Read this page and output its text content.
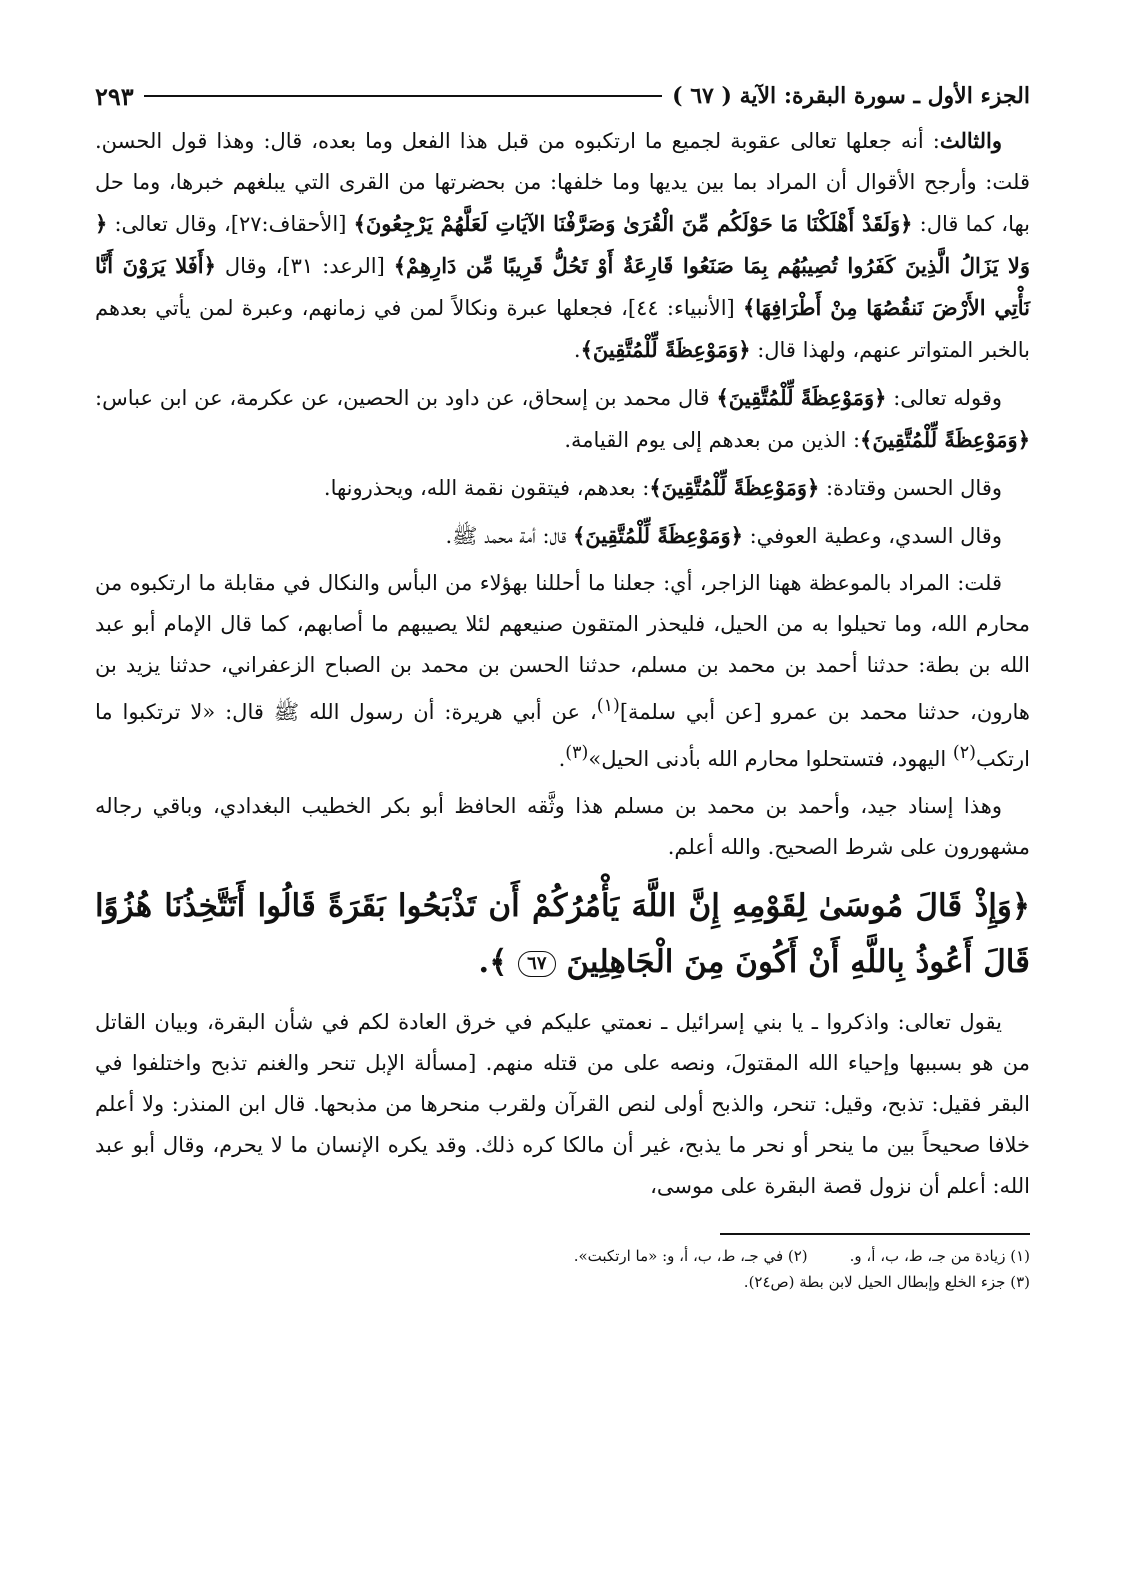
الجزء الأول ـ سورة البقرة: الآية ( ٦٧ )
٢٩٣

والثالث: أنه جعلها تعالى عقوبة لجميع ما ارتكبوه من قبل هذا الفعل وما بعده، قال: وهذا قول الحسن. قلت: وأرجح الأقوال أن المراد بما بين يديها وما خلفها: من بحضرتها من القرى التي يبلغهم خبرها، وما حل بها، كما قال: ﴿وَلَقَدْ أَهْلَكْنَا مَا حَوْلَكُم مِّنَ الْقُرَىٰ وَصَرَّفْنَا الآيَاتِ لَعَلَّهُمْ يَرْجِعُونَ﴾ [الأحقاف:٢٧]، وقال تعالى: ﴿ وَلا يَزَالُ الَّذِينَ كَفَرُوا تُصِيبُهُم بِمَا صَنَعُوا قَارِعَةٌ أَوْ تَحُلُّ قَرِيبًا مِّن دَارِهِمْ﴾ [الرعد: ٣١]، وقال ﴿أَفَلا يَرَوْنَ أَنَّا نَأْتِي الأَرْضَ نَنقُصُهَا مِنْ أَطْرَافِهَا﴾ [الأنبياء: ٤٤]، فجعلها عبرة ونكالاً لمن في زمانهم، وعبرة لمن يأتي بعدهم بالخبر المتواتر عنهم، ولهذا قال: ﴿وَمَوْعِظَةً لِّلْمُتَّقِينَ﴾.

وقوله تعالى: ﴿وَمَوْعِظَةً لِّلْمُتَّقِينَ﴾ قال محمد بن إسحاق، عن داود بن الحصين، عن عكرمة، عن ابن عباس: ﴿وَمَوْعِظَةً لِّلْمُتَّقِينَ﴾: الذين من بعدهم إلى يوم القيامة.

وقال الحسن وقتادة: ﴿وَمَوْعِظَةً لِّلْمُتَّقِينَ﴾: بعدهم، فيتقون نقمة الله، ويحذرونها.

وقال السدي، وعطية العوفي: ﴿وَمَوْعِظَةً لِّلْمُتَّقِينَ﴾ قال: أمة محمد ﷺ.

قلت: المراد بالموعظة ههنا الزاجر، أي: جعلنا ما أحللنا بهؤلاء من البأس والنكال في مقابلة ما ارتكبوه من محارم الله، وما تحيلوا به من الحيل، فليحذر المتقون صنيعهم لئلا يصيبهم ما أصابهم، كما قال الإمام أبو عبد الله بن بطة: حدثنا أحمد بن محمد بن مسلم، حدثنا الحسن بن محمد بن الصباح الزعفراني، حدثنا يزيد بن هارون، حدثنا محمد بن عمرو [عن أبي سلمة]$^{(١)}$، عن أبي هريرة: أن رسول الله ﷺ قال: «لا ترتكبوا ما ارتكب$^{(٢)}$ اليهود، فتستحلوا محارم الله بأدنى الحيل»$^{(٣)}$.

وهذا إسناد جيد، وأحمد بن محمد بن مسلم هذا وثَّقه الحافظ أبو بكر الخطيب البغدادي، وباقي رجاله مشهورون على شرط الصحيح. والله أعلم.

﴿وَإِذْ قَالَ مُوسَىٰ لِقَوْمِهِ إِنَّ اللَّهَ يَأْمُرُكُمْ أَن تَذْبَحُوا بَقَرَةً قَالُوا أَتَتَّخِذُنَا هُزُوًا قَالَ أَعُوذُ بِاللَّهِ أَنْ أَكُونَ مِنَ الْجَاهِلِينَ ٦٧ ﴾.

يقول تعالى: واذكروا ـ يا بني إسرائيل ـ نعمتي عليكم في خرق العادة لكم في شأن البقرة، وبيان القاتل من هو بسببها وإحياء الله المقتولَ، ونصه على من قتله منهم. [مسألة الإبل تنحر والغنم تذبح واختلفوا في البقر فقيل: تذبح، وقيل: تنحر، والذبح أولى لنص القرآن ولقرب منحرها من مذبحها. قال ابن المنذر: ولا أعلم خلافا صحيحاً بين ما ينحر أو نحر ما يذبح، غير أن مالكا كره ذلك. وقد يكره الإنسان ما لا يحرم، وقال أبو عبد الله: أعلم أن نزول قصة البقرة على موسى،

(١) زيادة من جـ، ط، ب، أ، و.(٢) في جـ، ط، ب، أ، و: «ما ارتكبت».
(٣) جزء الخلع وإبطال الحيل لابن بطة (ص٢٤).
